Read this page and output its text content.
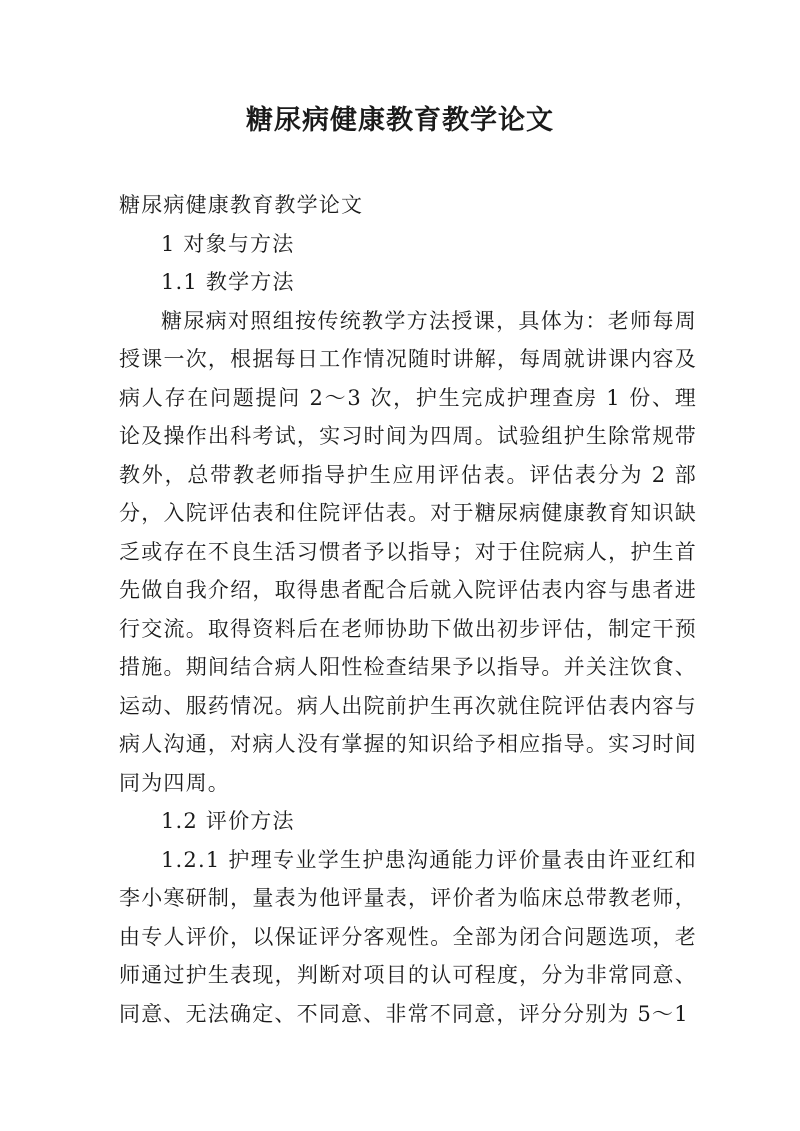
糖尿病健康教育教学论文

糖尿病健康教育教学论文

1 对象与方法

1.1 教学方法

糖尿病对照组按传统教学方法授课，具体为：老师每周授课一次，根据每日工作情况随时讲解，每周就讲课内容及病人存在问题提问 2～3 次，护生完成护理查房 1 份、理论及操作出科考试，实习时间为四周。试验组护生除常规带教外，总带教老师指导护生应用评估表。评估表分为 2 部分，入院评估表和住院评估表。对于糖尿病健康教育知识缺乏或存在不良生活习惯者予以指导；对于住院病人，护生首先做自我介绍，取得患者配合后就入院评估表内容与患者进行交流。取得资料后在老师协助下做出初步评估，制定干预措施。期间结合病人阳性检查结果予以指导。并关注饮食、运动、服药情况。病人出院前护生再次就住院评估表内容与病人沟通，对病人没有掌握的知识给予相应指导。实习时间同为四周。

1.2 评价方法

1.2.1 护理专业学生护患沟通能力评价量表由许亚红和李小寒研制，量表为他评量表，评价者为临床总带教老师，由专人评价，以保证评分客观性。全部为闭合问题选项，老师通过护生表现，判断对项目的认可程度，分为非常同意、同意、无法确定、不同意、非常不同意，评分分别为 5～1
